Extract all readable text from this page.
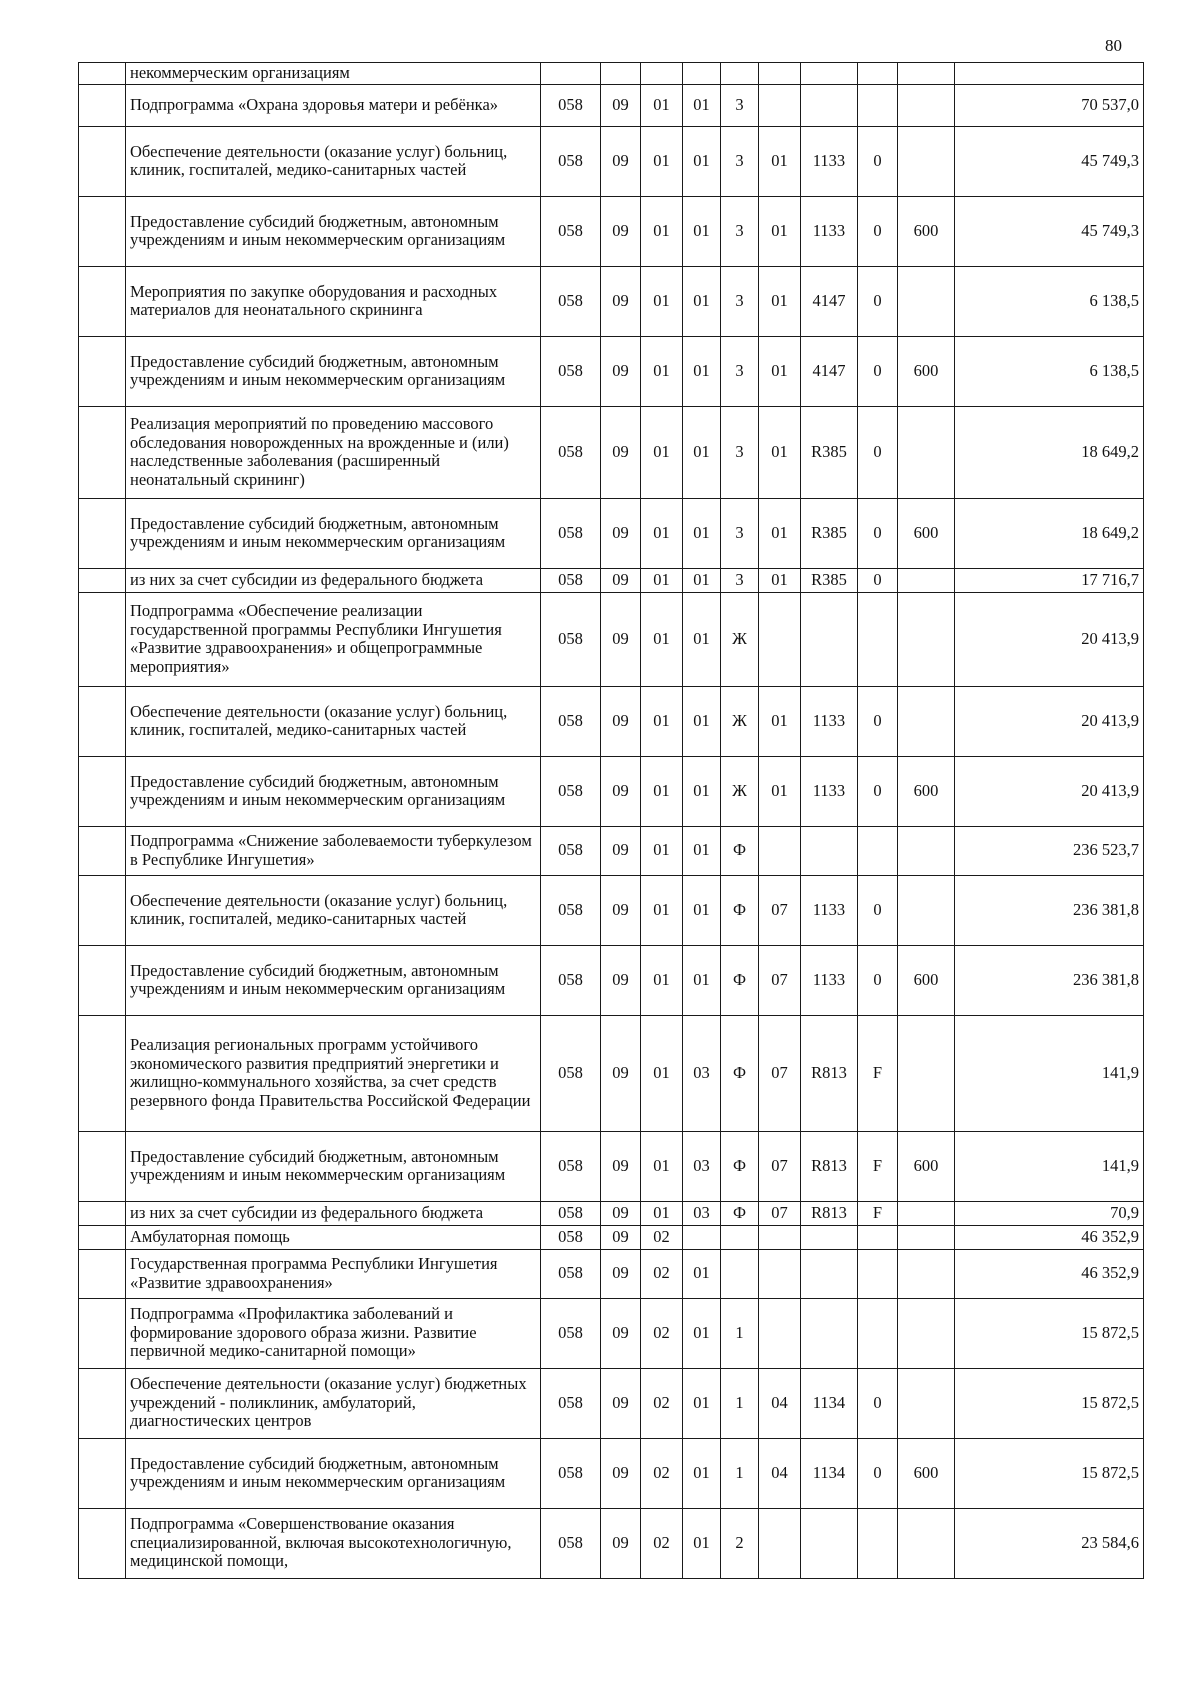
80
	некоммерческим организациям										
	Подпрограмма «Охрана здоровья матери и ребёнка»	058	09	01	01	3					70 537,0
	Обеспечение деятельности (оказание услуг) больниц, клиник, госпиталей, медико-санитарных частей	058	09	01	01	3	01	1133	0		45 749,3
	Предоставление субсидий бюджетным, автономным учреждениям и иным некоммерческим организациям	058	09	01	01	3	01	1133	0	600	45 749,3
	Мероприятия по закупке оборудования и расходных материалов для неонатального скрининга	058	09	01	01	3	01	4147	0		6 138,5
	Предоставление субсидий бюджетным, автономным учреждениям и иным некоммерческим организациям	058	09	01	01	3	01	4147	0	600	6 138,5
	Реализация мероприятий по проведению массового обследования новорожденных на врожденные и (или) наследственные заболевания (расширенный неонатальный скрининг)	058	09	01	01	3	01	R385	0		18 649,2
	Предоставление субсидий бюджетным, автономным учреждениям и иным некоммерческим организациям	058	09	01	01	3	01	R385	0	600	18 649,2
	из них за счет субсидии из федерального бюджета	058	09	01	01	3	01	R385	0		17 716,7
	Подпрограмма «Обеспечение реализации государственной программы Республики Ингушетия «Развитие здравоохранения» и общепрограммные мероприятия»	058	09	01	01	Ж					20 413,9
	Обеспечение деятельности (оказание услуг) больниц, клиник, госпиталей, медико-санитарных частей	058	09	01	01	Ж	01	1133	0		20 413,9
	Предоставление субсидий бюджетным, автономным учреждениям и иным некоммерческим организациям	058	09	01	01	Ж	01	1133	0	600	20 413,9
	Подпрограмма «Снижение заболеваемости туберкулезом в Республике Ингушетия»	058	09	01	01	Ф					236 523,7
	Обеспечение деятельности (оказание услуг) больниц, клиник, госпиталей, медико-санитарных частей	058	09	01	01	Ф	07	1133	0		236 381,8
	Предоставление субсидий бюджетным, автономным учреждениям и иным некоммерческим организациям	058	09	01	01	Ф	07	1133	0	600	236 381,8
	Реализация региональных программ устойчивого экономического развития предприятий энергетики и жилищно-коммунального хозяйства, за счет средств резервного фонда Правительства Российской Федерации	058	09	01	03	Ф	07	R813	F		141,9
	Предоставление субсидий бюджетным, автономным учреждениям и иным некоммерческим организациям	058	09	01	03	Ф	07	R813	F	600	141,9
	из них за счет субсидии из федерального бюджета	058	09	01	03	Ф	07	R813	F		70,9
	Амбулаторная помощь	058	09	02							46 352,9
	Государственная программа Республики Ингушетия «Развитие здравоохранения»	058	09	02	01						46 352,9
	Подпрограмма «Профилактика заболеваний и формирование здорового образа жизни. Развитие первичной медико-санитарной помощи»	058	09	02	01	1					15 872,5
	Обеспечение деятельности (оказание услуг) бюджетных учреждений - поликлиник, амбулаторий, диагностических центров	058	09	02	01	1	04	1134	0		15 872,5
	Предоставление субсидий бюджетным, автономным учреждениям и иным некоммерческим организациям	058	09	02	01	1	04	1134	0	600	15 872,5
	Подпрограмма «Совершенствование оказания специализированной, включая высокотехнологичную, медицинской помощи,	058	09	02	01	2					23 584,6
